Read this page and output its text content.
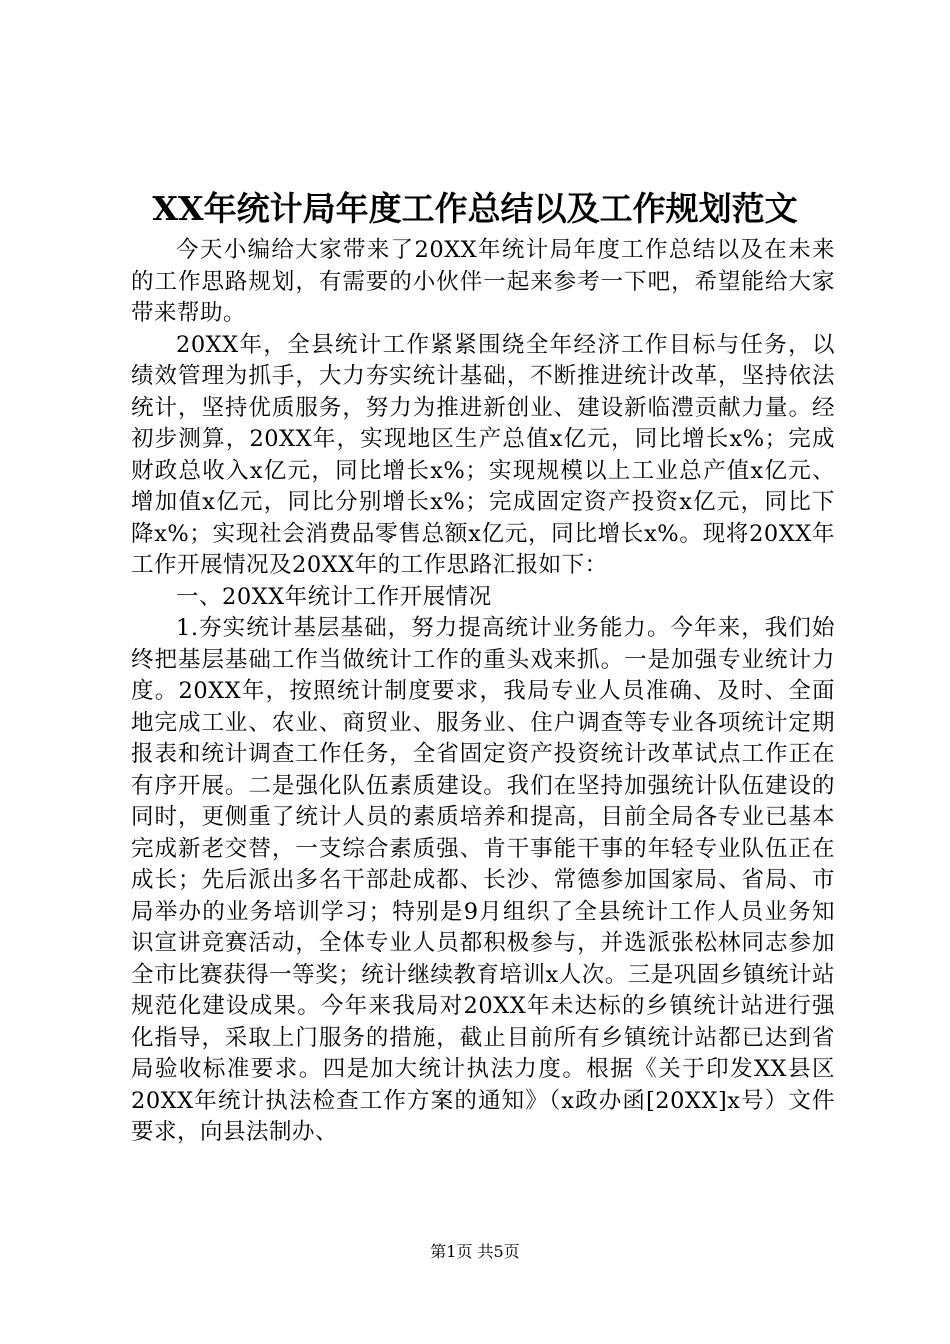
XX年统计局年度工作总结以及工作规划范文

今天小编给大家带来了20XX年统计局年度工作总结以及在未来的工作思路规划，有需要的小伙伴一起来参考一下吧，希望能给大家带来帮助。

20XX年，全县统计工作紧紧围绕全年经济工作目标与任务，以绩效管理为抓手，大力夯实统计基础，不断推进统计改革，坚持依法统计，坚持优质服务，努力为推进新创业、建设新临澧贡献力量。经初步测算，20XX年，实现地区生产总值x亿元，同比增长x%；完成财政总收入x亿元，同比增长x%；实现规模以上工业总产值x亿元、增加值x亿元，同比分别增长x%；完成固定资产投资x亿元，同比下降x%；实现社会消费品零售总额x亿元，同比增长x%。现将20XX年工作开展情况及20XX年的工作思路汇报如下：

一、20XX年统计工作开展情况

1.夯实统计基层基础，努力提高统计业务能力。今年来，我们始终把基层基础工作当做统计工作的重头戏来抓。一是加强专业统计力度。20XX年，按照统计制度要求，我局专业人员准确、及时、全面地完成工业、农业、商贸业、服务业、住户调查等专业各项统计定期报表和统计调查工作任务，全省固定资产投资统计改革试点工作正在有序开展。二是强化队伍素质建设。我们在坚持加强统计队伍建设的同时，更侧重了统计人员的素质培养和提高，目前全局各专业已基本完成新老交替，一支综合素质强、肯干事能干事的年轻专业队伍正在成长；先后派出多名干部赴成都、长沙、常德参加国家局、省局、市局举办的业务培训学习；特别是9月组织了全县统计工作人员业务知识宣讲竞赛活动，全体专业人员都积极参与，并选派张松林同志参加全市比赛获得一等奖；统计继续教育培训x人次。三是巩固乡镇统计站规范化建设成果。今年来我局对20XX年未达标的乡镇统计站进行强化指导，采取上门服务的措施，截止目前所有乡镇统计站都已达到省局验收标准要求。四是加大统计执法力度。根据《关于印发XX县区20XX年统计执法检查工作方案的通知》（x政办函[20XX]x号）文件要求，向县法制办、

第1页 共5页
